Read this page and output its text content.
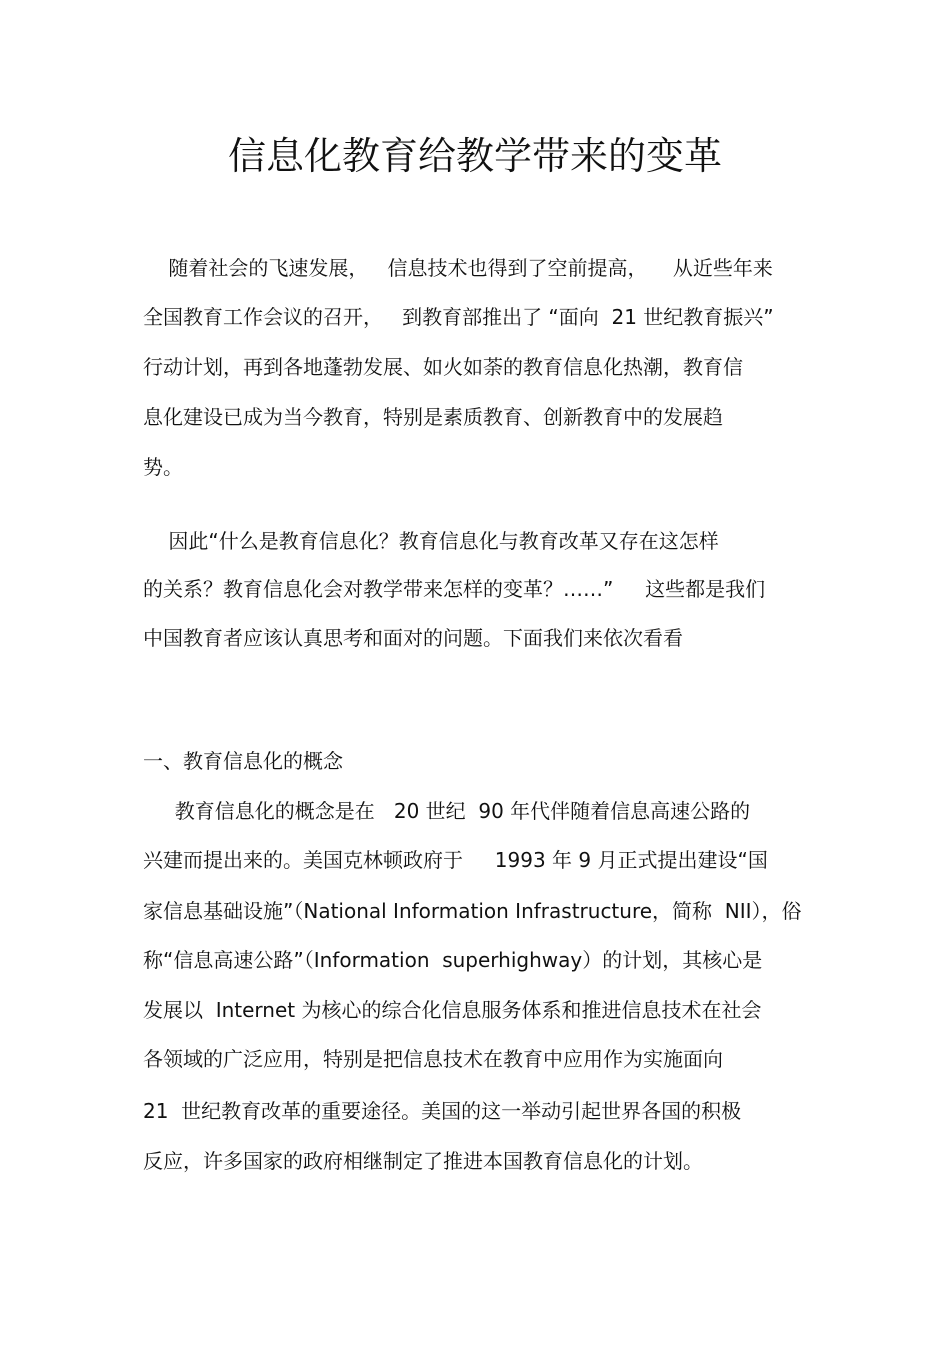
信息化教育给教学带来的变革
随着社会的飞速发展，   信息技术也得到了空前提高，    从近些年来
全国教育工作会议的召开，   到教育部推出了 “面向  21 世纪教育振兴”
行动计划，再到各地蓬勃发展、如火如荼的教育信息化热潮，教育信
息化建设已成为当今教育，特别是素质教育、创新教育中的发展趋
势。
因此“什么是教育信息化？教育信息化与教育改革又存在这怎样
的关系？教育信息化会对教学带来怎样的变革？……”     这些都是我们
中国教育者应该认真思考和面对的问题。下面我们来依次看看
一、教育信息化的概念
教育信息化的概念是在   20 世纪  90 年代伴随着信息高速公路的
兴建而提出来的。美国克林顿政府于     1993 年 9 月正式提出建设“国
家信息基础设施”（National Information Infrastructure，简称  NII），俗
称“信息高速公路”（Information  superhighway）的计划，其核心是
发展以  Internet 为核心的综合化信息服务体系和推进信息技术在社会
各领域的广泛应用，特别是把信息技术在教育中应用作为实施面向
21  世纪教育改革的重要途径。美国的这一举动引起世界各国的积极
反应，许多国家的政府相继制定了推进本国教育信息化的计划。
